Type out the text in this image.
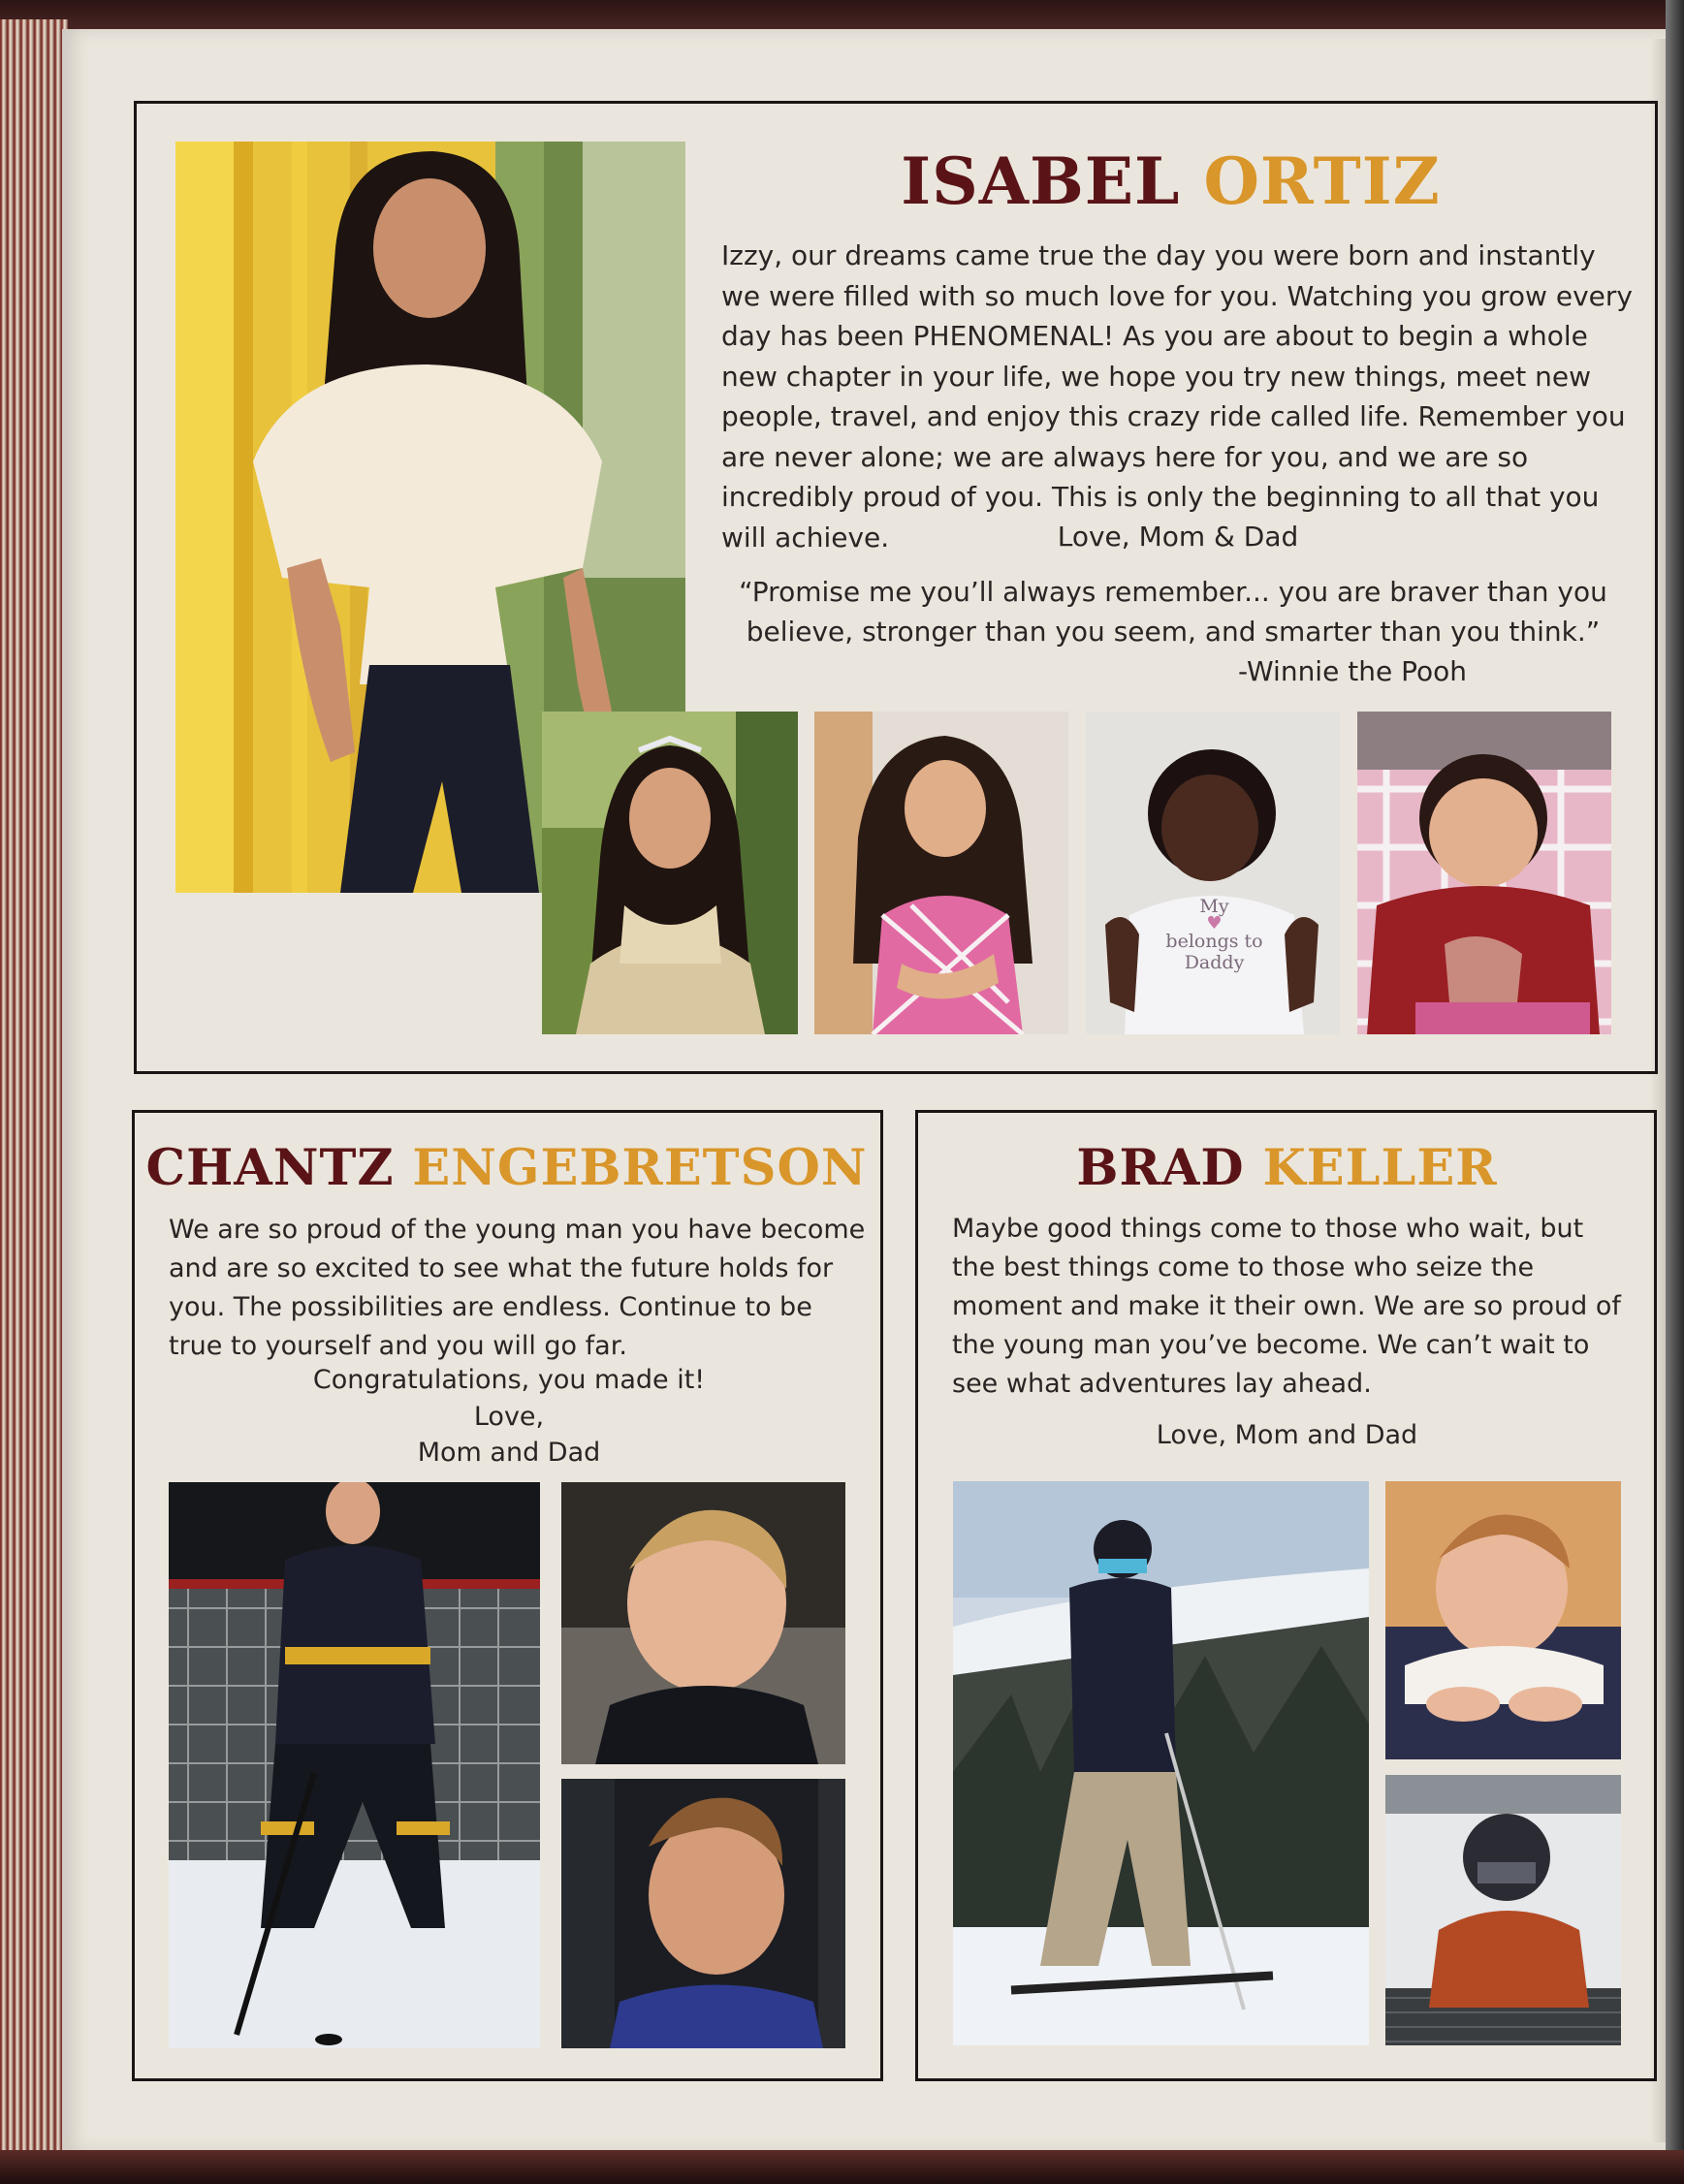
ISABEL ORTIZ

Izzy, our dreams came true the day you were born and instantly we were filled with so much love for you. Watching you grow every day has been PHENOMENAL! As you are about to begin a whole new chapter in your life, we hope you try new things, meet new people, travel, and enjoy this crazy ride called life. Remember you are never alone; we are always here for you, and we are so incredibly proud of you. This is only the beginning to all that you will achieve.	Love, Mom & Dad

“Promise me you’ll always remember... you are braver than you believe, stronger than you seem, and smarter than you think.”

-Winnie the Pooh

My
♥
belongs to
Daddy
CHANTZ ENGEBRETSON

We are so proud of the young man you have become and are so excited to see what the future holds for you. The possibilities are endless. Continue to be true to yourself and you will go far.

Congratulations, you made it!

Love,

Mom and Dad

BRAD KELLER

Maybe good things come to those who wait, but the best things come to those who seize the moment and make it their own. We are so proud of the young man you’ve become. We can’t wait to see what adventures lay ahead.

Love, Mom and Dad
